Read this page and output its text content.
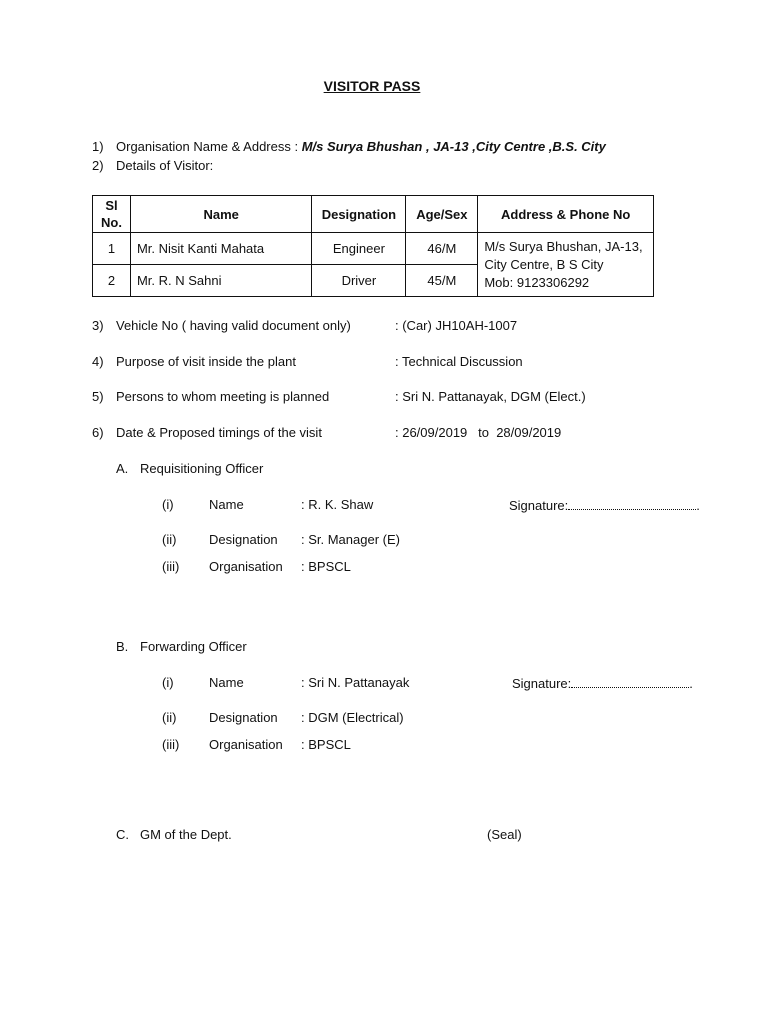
VISITOR PASS
1) Organisation Name & Address : M/s Surya Bhushan , JA-13 ,City Centre ,B.S. City
2) Details of Visitor:
Sl No.	Name	Designation	Age/Sex	Address & Phone No
1	Mr. Nisit Kanti Mahata	Engineer	46/M	M/s Surya Bhushan, JA-13, City Centre, B S City
Mob: 9123306292
2	Mr. R. N Sahni	Driver	45/M	
3) Vehicle No ( having valid document only)	: (Car) JH10AH-1007
4) Purpose of visit inside the plant	: Technical Discussion
5) Persons to whom meeting is planned	: Sri N. Pattanayak, DGM (Elect.)
6) Date & Proposed timings of the visit	: 26/09/2019   to  28/09/2019
A. Requisitioning Officer
(i)	Name	: R. K. Shaw	Signature:	.
(ii)	Designation : Sr. Manager (E)
(iii) Organisation : BPSCL
B. Forwarding Officer
(i)	Name	: Sri N. Pattanayak	Signature:	.
(ii)	Designation : DGM (Electrical)
(iii) Organisation : BPSCL
C. GM of the Dept.	(Seal)
